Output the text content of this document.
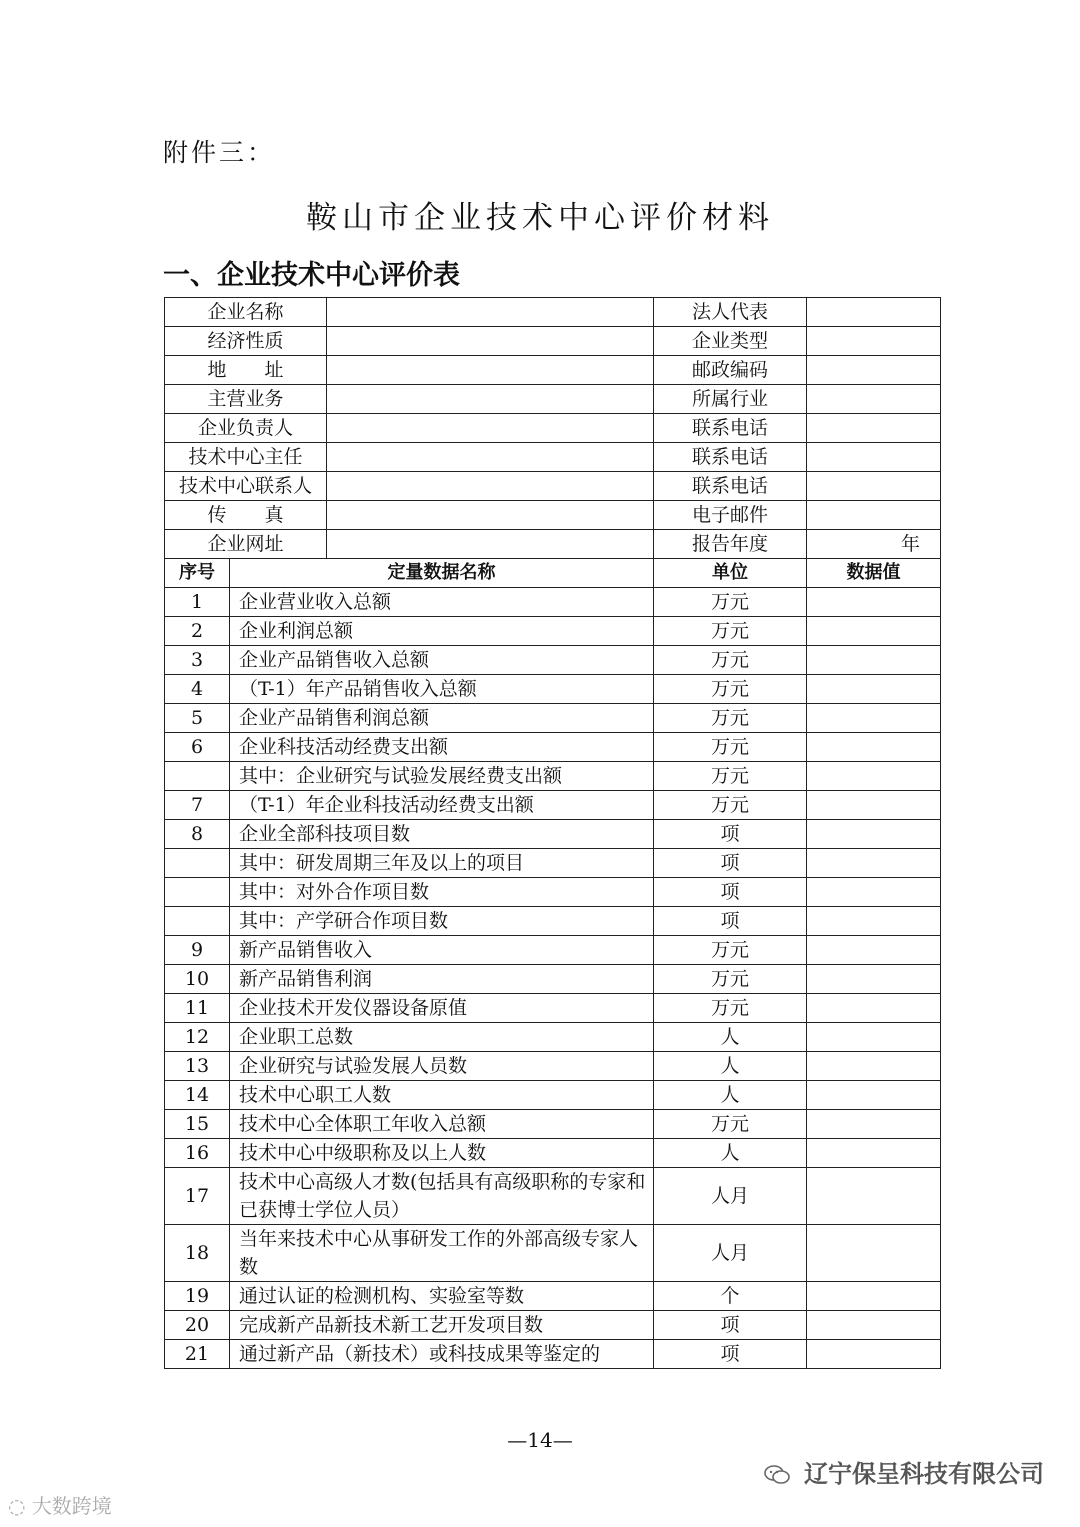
附件三：
鞍山市企业技术中心评价材料
一、企业技术中心评价表
企业名称			法人代表	
经济性质			企业类型	
地　　址			邮政编码	
主营业务			所属行业	
企业负责人			联系电话	
技术中心主任			联系电话	
技术中心联系人			联系电话	
传　　真			电子邮件	
企业网址			报告年度	年
序号	定量数据名称		单位	数据值
1	企业营业收入总额		万元	
2	企业利润总额		万元	
3	企业产品销售收入总额		万元	
4	（T-1）年产品销售收入总额		万元	
5	企业产品销售利润总额		万元	
6	企业科技活动经费支出额		万元	
	其中：企业研究与试验发展经费支出额		万元	
7	（T-1）年企业科技活动经费支出额		万元	
8	企业全部科技项目数		项	
	其中：研发周期三年及以上的项目		项	
	其中：对外合作项目数		项	
	其中：产学研合作项目数		项	
9	新产品销售收入		万元	
10	新产品销售利润		万元	
11	企业技术开发仪器设备原值		万元	
12	企业职工总数		人	
13	企业研究与试验发展人员数		人	
14	技术中心职工人数		人	
15	技术中心全体职工年收入总额		万元	
16	技术中心中级职称及以上人数		人	
17	技术中心高级人才数(包括具有高级职称的专家和已获博士学位人员）		人月	
18	当年来技术中心从事研发工作的外部高级专家人数		人月	
19	通过认证的检测机构、实验室等数		个	
20	完成新产品新技术新工艺开发项目数		项	
21	通过新产品（新技术）或科技成果等鉴定的		项	
—14—
◌ 大数跨境
辽宁保呈科技有限公司
